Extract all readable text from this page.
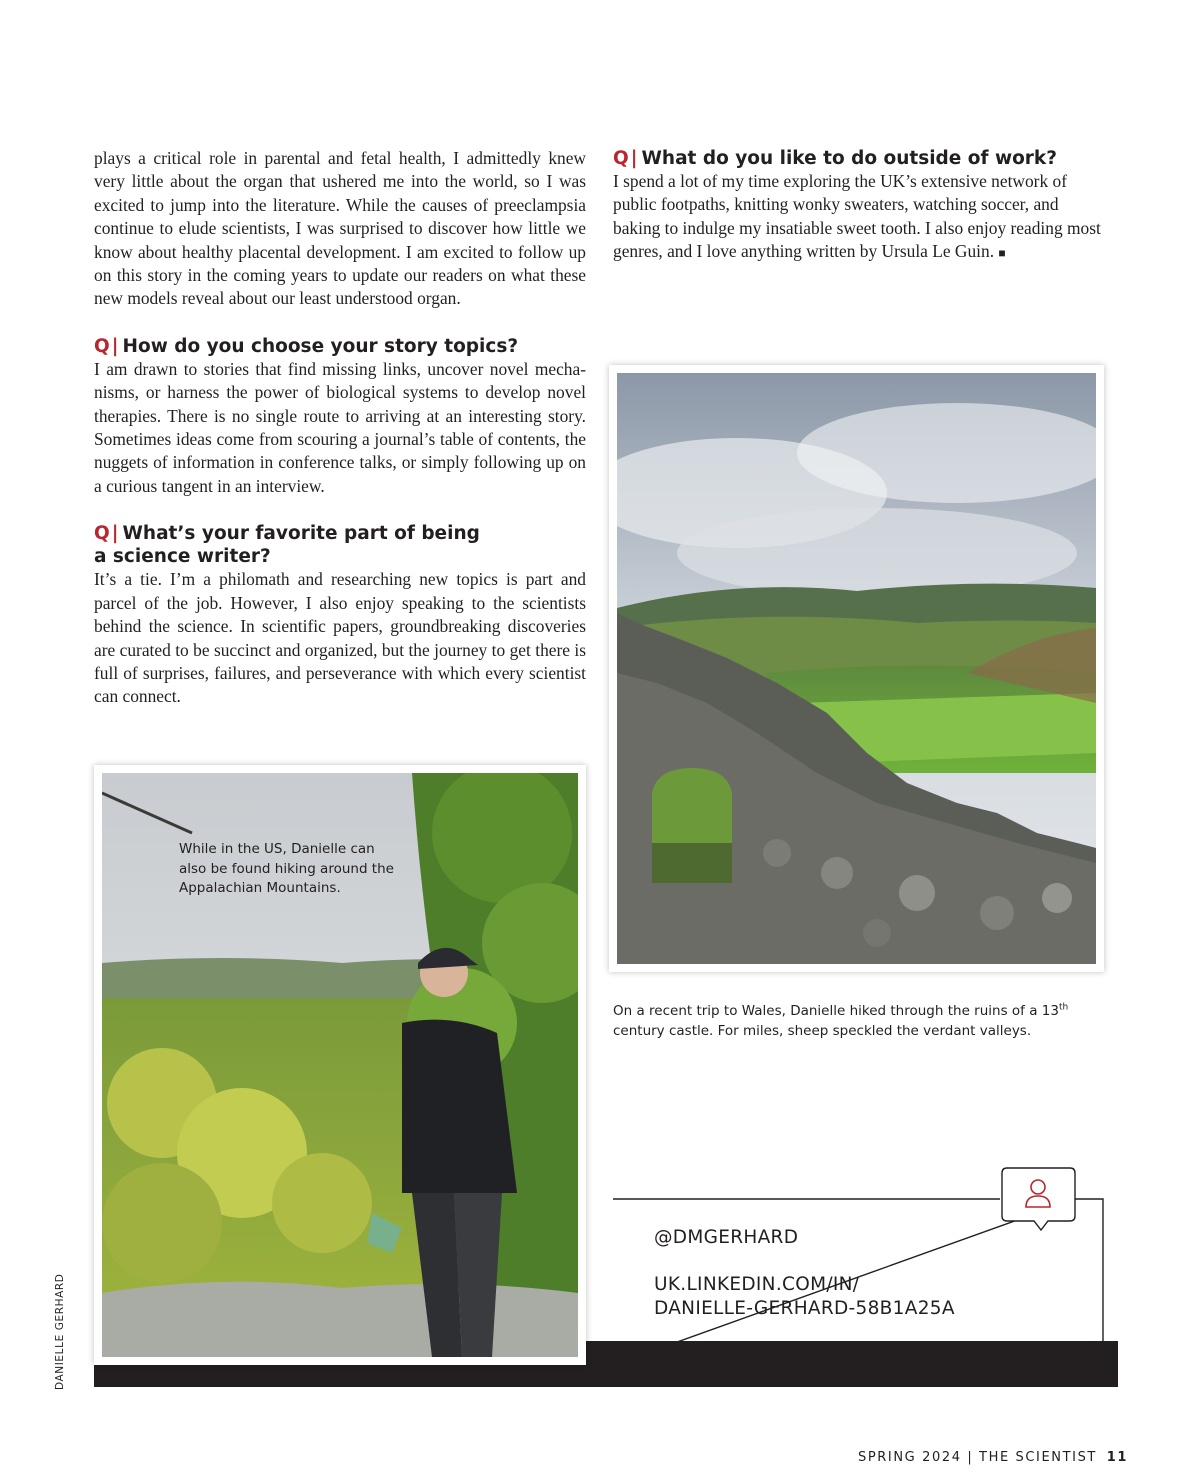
plays a critical role in parental and fetal health, I admittedly knew very little about the organ that ushered me into the world, so I was excited to jump into the literature. While the causes of preeclampsia continue to elude scientists, I was surprised to discover how little we know about healthy placental development. I am excited to follow up on this story in the coming years to update our readers on what these new models reveal about our least understood organ.

Q | How do you choose your story topics?

I am drawn to stories that find missing links, uncover novel mechanisms, or harness the power of biological systems to develop novel therapies. There is no single route to arriving at an interesting story. Sometimes ideas come from scouring a journal’s table of contents, the nuggets of information in conference talks, or simply following up on a curious tangent in an interview.

Q | What’s your favorite part of being
a science writer?

It’s a tie. I’m a philomath and researching new topics is part and parcel of the job. However, I also enjoy speaking to the scientists behind the science. In scientific papers, groundbreaking discoveries are curated to be succinct and organized, but the journey to get there is full of surprises, failures, and perseverance with which every scientist can connect.

Q | What do you like to do outside of work?

I spend a lot of my time exploring the UK’s extensive network of public footpaths, knitting wonky sweaters, watching soccer, and baking to indulge my insatiable sweet tooth. I also enjoy reading most genres, and I love anything written by Ursula Le Guin. ■

On a recent trip to Wales, Danielle hiked through the ruins of a 13th century castle. For miles, sheep speckled the verdant valleys.
While in the US, Danielle can also be found hiking around the Appalachian Mountains.
@DMGERHARD
UK.LINKEDIN.COM/IN/
DANIELLE-GERHARD-58B1A25A
DANIELLE GERHARD
SPRING 2024 | THE SCIENTIST 11
